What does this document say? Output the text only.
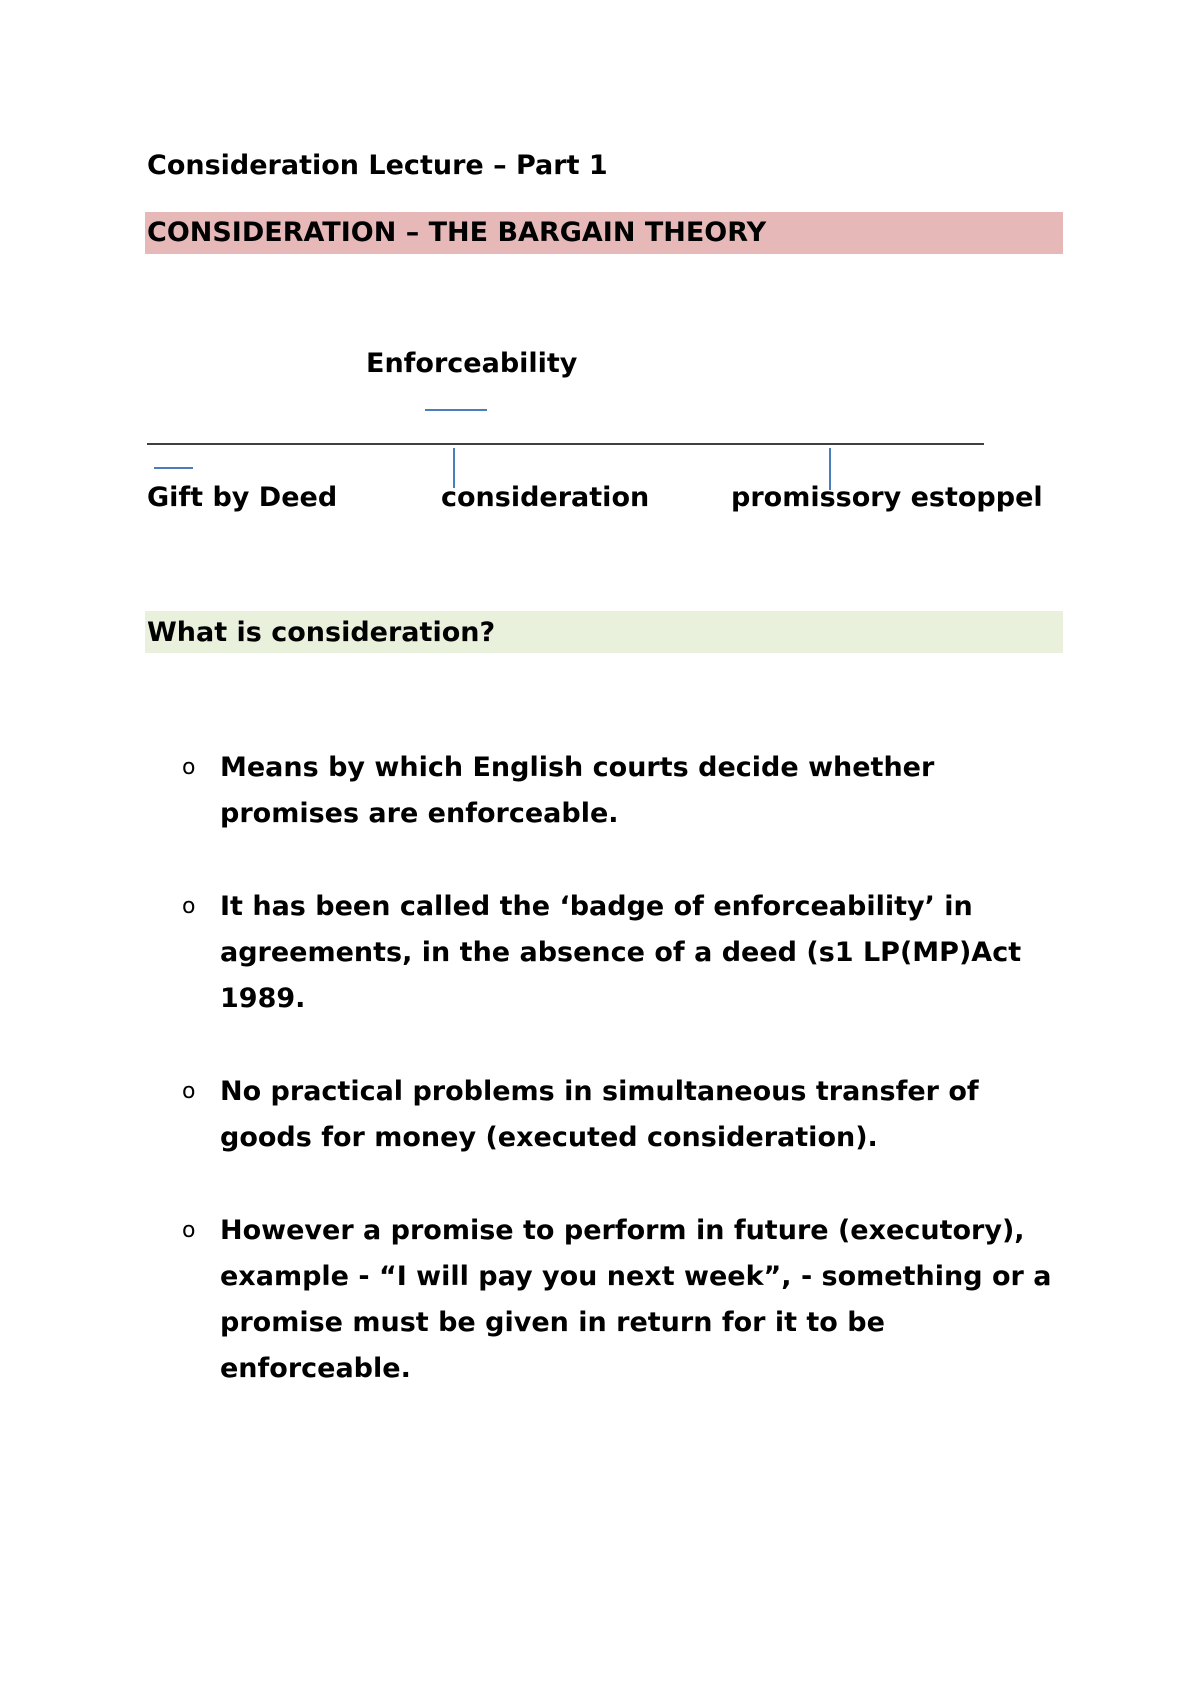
Consideration Lecture – Part 1
CONSIDERATION – THE BARGAIN THEORY
Enforceability
Gift by Deed	consideration	promissory estoppel
What is consideration?
o Means by which English courts decide whether promises are enforceable.
o It has been called the ‘badge of enforceability’ in agreements, in the absence of a deed (s1 LP(MP)Act 1989.
o No practical problems in simultaneous transfer of goods for money (executed consideration).
o However a promise to perform in future (executory), example - “I will pay you next week”, - something or a promise must be given in return for it to be enforceable.
